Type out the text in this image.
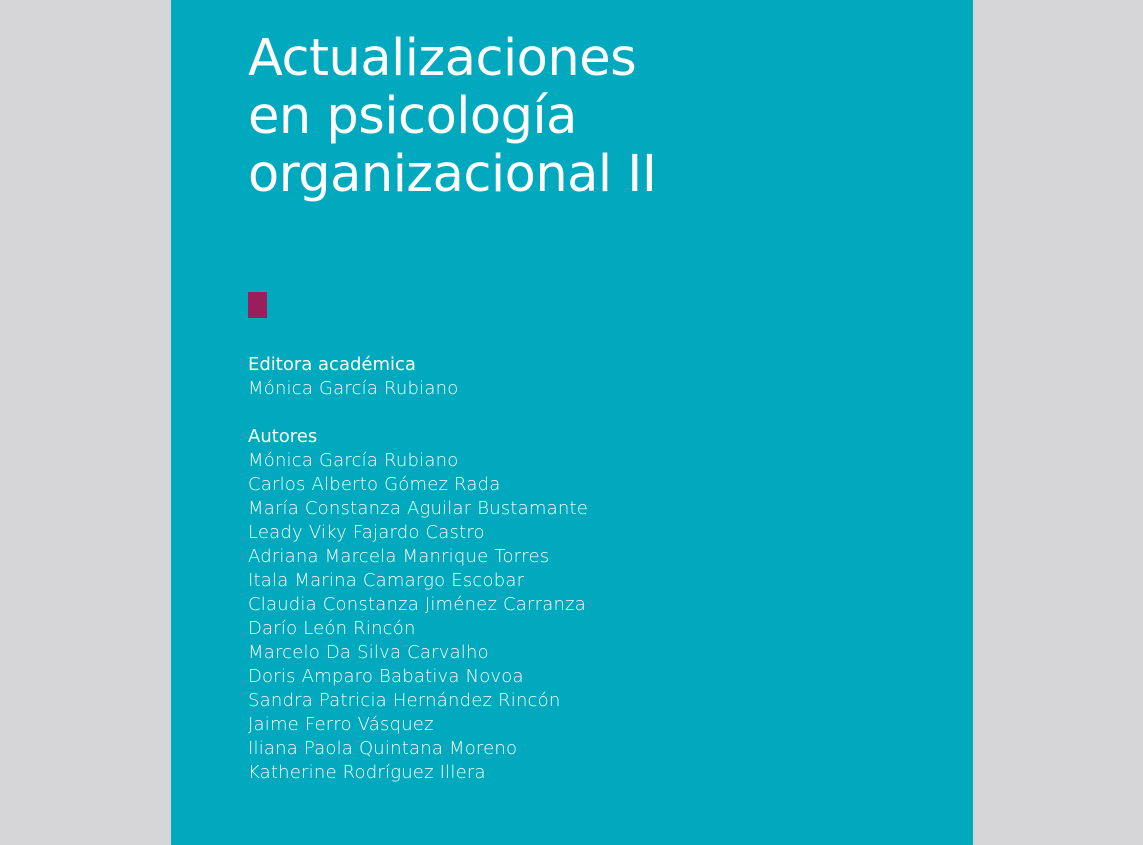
Actualizaciones
en psicología
organizacional II
Editora académica
Mónica García Rubiano
Autores
Mónica García Rubiano
Carlos Alberto Gómez Rada
María Constanza Aguilar Bustamante
Leady Viky Fajardo Castro
Adriana Marcela Manrique Torres
Itala Marina Camargo Escobar
Claudia Constanza Jiménez Carranza
Darío León Rincón
Marcelo Da Silva Carvalho
Doris Amparo Babativa Novoa
Sandra Patricia Hernández Rincón
Jaime Ferro Vásquez
Iliana Paola Quintana Moreno
Katherine Rodríguez Illera
